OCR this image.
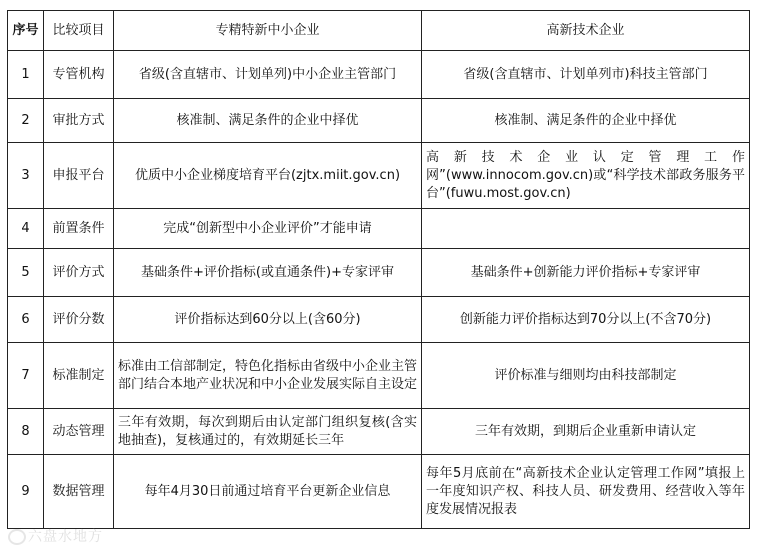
序号	比较项目	专精特新中小企业	高新技术企业
1	专管机构	省级(含直辖市、计划单列)中小企业主管部门	省级(含直辖市、计划单列市)科技主管部门
2	审批方式	核准制、满足条件的企业中择优	核准制、满足条件的企业中择优
3	申报平台	优质中小企业梯度培育平台(zjtx.miit.gov.cn)	高新技术企业认定管理工作网”(www.innocom.gov.cn)或“科学技术部政务服务平台”(fuwu.most.gov.cn)
4	前置条件	完成“创新型中小企业评价”才能申请	
5	评价方式	基础条件+评价指标(或直通条件)+专家评审	基础条件+创新能力评价指标+专家评审
6	评价分数	评价指标达到60分以上(含60分)	创新能力评价指标达到70分以上(不含70分)
7	标准制定	标准由工信部制定，特色化指标由省级中小企业主管部门结合本地产业状况和中小企业发展实际自主设定	评价标准与细则均由科技部制定
8	动态管理	三年有效期，每次到期后由认定部门组织复核(含实地抽查)，复核通过的，有效期延长三年	三年有效期，到期后企业重新申请认定
9	数据管理	每年4月30日前通过培育平台更新企业信息	每年5月底前在“高新技术企业认定管理工作网”填报上一年度知识产权、科技人员、研发费用、经营收入等年度发展情况报表
六盘水地方
